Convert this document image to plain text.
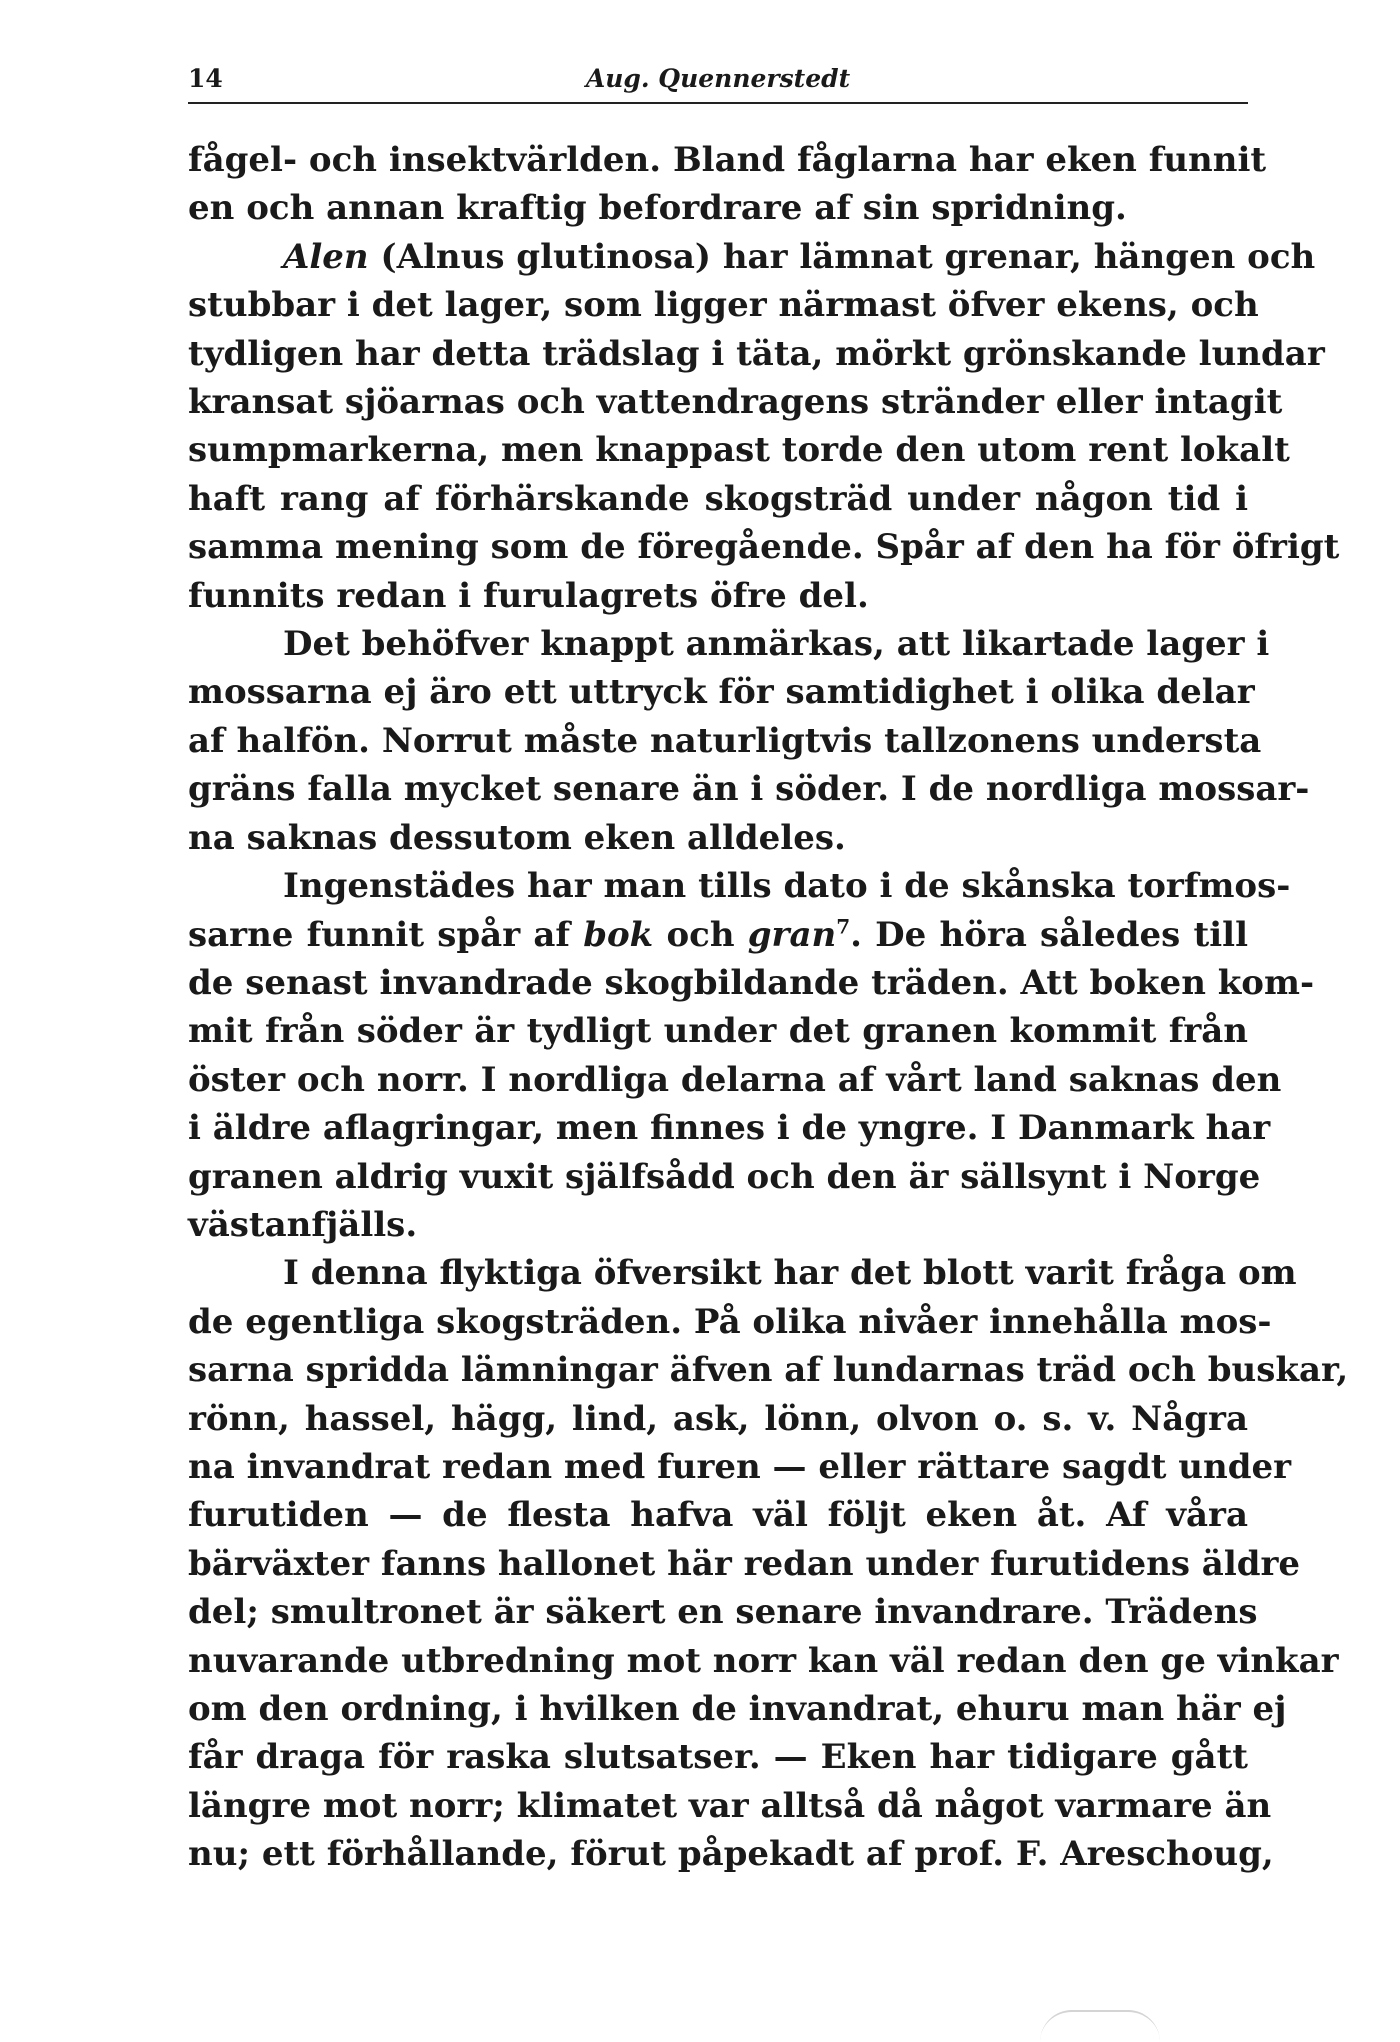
14	Aug. Quennerstedt
fågel- och insektvärlden. Bland fåglarna har eken funnit
en och annan kraftig befordrare af sin spridning.
Alen (Alnus glutinosa) har lämnat grenar, hängen och
stubbar i det lager, som ligger närmast öfver ekens, och
tydligen har detta trädslag i täta, mörkt grönskande lundar
kransat sjöarnas och vattendragens stränder eller intagit
sumpmarkerna, men knappast torde den utom rent lokalt
haft rang af förhärskande skogsträd under någon tid i
samma mening som de föregående. Spår af den ha för öfrigt
funnits redan i furulagrets öfre del.
Det behöfver knappt anmärkas, att likartade lager i
mossarna ej äro ett uttryck för samtidighet i olika delar
af halfön. Norrut måste naturligtvis tallzonens understa
gräns falla mycket senare än i söder. I de nordliga mossar-
na saknas dessutom eken alldeles.
Ingenstädes har man tills dato i de skånska torfmos-
sarne funnit spår af bok och gran$^7$. De höra således till
de senast invandrade skogbildande träden. Att boken kom-
mit från söder är tydligt under det granen kommit från
öster och norr. I nordliga delarna af vårt land saknas den
i äldre aflagringar, men finnes i de yngre. I Danmark har
granen aldrig vuxit själfsådd och den är sällsynt i Norge
västanfjälls.
I denna flyktiga öfversikt har det blott varit fråga om
de egentliga skogsträden. På olika nivåer innehålla mos-
sarna spridda lämningar äfven af lundarnas träd och buskar,
rönn, hassel, hägg, lind, ask, lönn, olvon o. s. v. Några
na invandrat redan med furen — eller rättare sagdt under
furutiden — de flesta hafva väl följt eken åt. Af våra
bärväxter fanns hallonet här redan under furutidens äldre
del; smultronet är säkert en senare invandrare. Trädens
nuvarande utbredning mot norr kan väl redan den ge vinkar
om den ordning, i hvilken de invandrat, ehuru man här ej
får draga för raska slutsatser. — Eken har tidigare gått
längre mot norr; klimatet var alltså då något varmare än
nu; ett förhållande, förut påpekadt af prof. F. Areschoug,
